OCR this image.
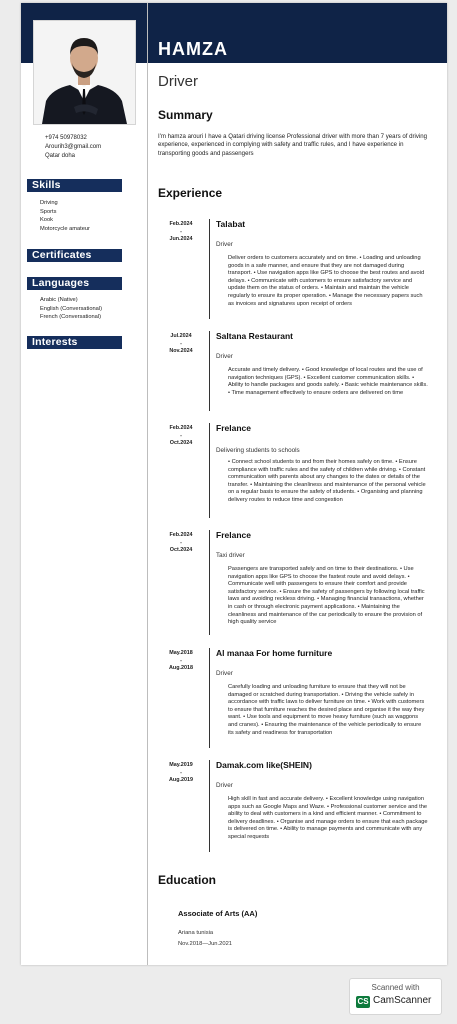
+974 50978032
Arourih3@gmail.com
Qatar doha
Skills
Driving
Sports
Kook
Motorcycle amateur
Certificates
Languages
Arabic (Native)
English (Conversational)
French (Conversational)
Interests
HAMZA
Driver
Summary
I'm hamza arouri I have a Qatari driving license Professional driver with more than 7 years of driving experience, experienced in complying with safety and traffic rules, and I have experience in transporting goods and passengers
Experience
Feb.2024
-
Jun.2024
Talabat
Driver
Deliver orders to customers accurately and on time. • Loading and unloading goods in a safe manner, and ensure that they are not damaged during transport. • Use navigation apps like GPS to choose the best routes and avoid delays. • Communicate with customers to ensure satisfactory service and update them on the status of orders. • Maintain and maintain the vehicle regularly to ensure its proper operation. • Manage the necessary papers such as invoices and signatures upon receipt of orders
Jul.2024
-
Nov.2024
Saltana Restaurant
Driver
Accurate and timely delivery. • Good knowledge of local routes and the use of navigation techniques (GPS). • Excellent customer communication skills. • Ability to handle packages and goods safely. • Basic vehicle maintenance skills. • Time management effectively to ensure orders are delivered on time
Feb.2024
-
Oct.2024
Frelance
Delivering students to schools
• Connect school students to and from their homes safely on time. • Ensure compliance with traffic rules and the safety of children while driving. • Constant communication with parents about any changes to the dates or details of the transfer. • Maintaining the cleanliness and maintenance of the personal vehicle on a regular basis to ensure the safety of students. • Organising and planning delivery routes to reduce time and congestion
Feb.2024
-
Oct.2024
Frelance
Taxi driver
Passengers are transported safely and on time to their destinations. • Use navigation apps like GPS to choose the fastest route and avoid delays. • Communicate well with passengers to ensure their comfort and provide satisfactory service. • Ensure the safety of passengers by following local traffic laws and avoiding reckless driving. • Managing financial transactions, whether in cash or through electronic payment applications. • Maintaining the cleanliness and maintenance of the car periodically to ensure the provision of high quality service
May.2018
-
Aug.2018
Al manaa For home furniture
Driver
Carefully loading and unloading furniture to ensure that they will not be damaged or scratched during transportation. • Driving the vehicle safely in accordance with traffic laws to deliver furniture on time. • Work with customers to ensure that furniture reaches the desired place and organise it the way they want. • Use tools and equipment to move heavy furniture (such as waggons and cranes). • Ensuring the maintenance of the vehicle periodically to ensure its safety and readiness for transportation
May.2019
-
Aug.2019
Damak.com like(SHEIN)
Driver
High skill in fast and accurate delivery. • Excellent knowledge using navigation apps such as Google Maps and Waze. • Professional customer service and the ability to deal with customers in a kind and efficient manner. • Commitment to delivery deadlines. • Organise and manage orders to ensure that each package is delivered on time. • Ability to manage payments and communicate with any special requests
Education
Associate of Arts (AA)
Ariana tunisia
Nov.2018—Jun.2021
Scanned with
CS CamScanner
